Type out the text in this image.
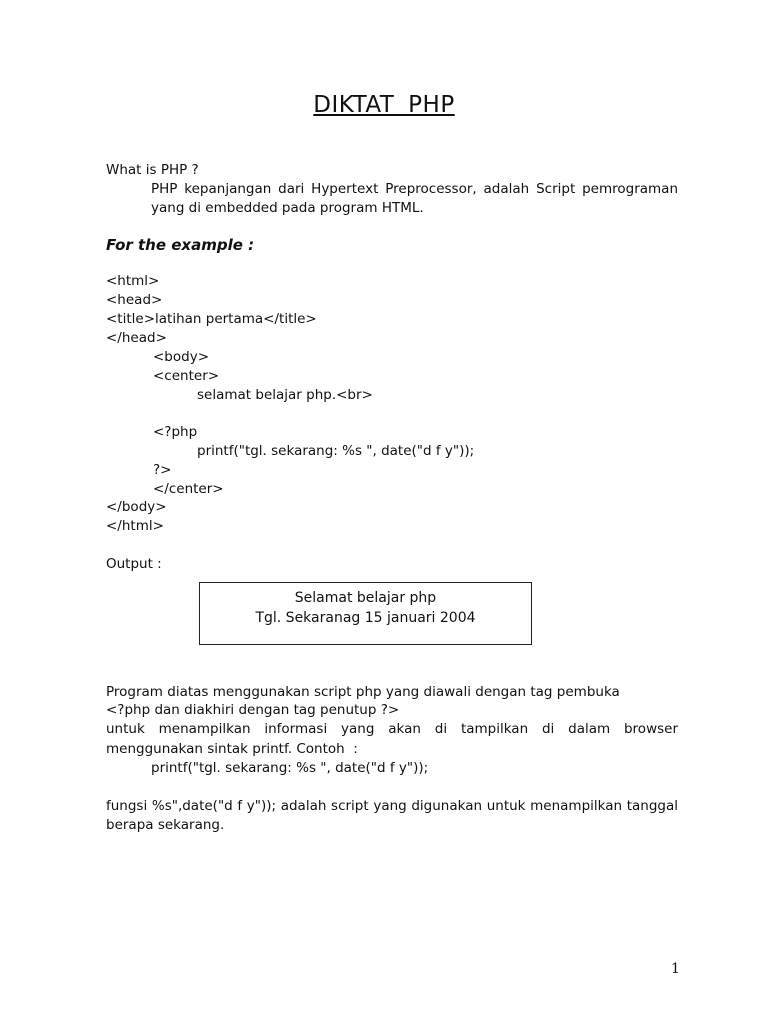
DIKTAT PHP
What is PHP ?
PHP kepanjangan dari Hypertext Preprocessor, adalah Script pemrograman
yang di embedded pada program HTML.
For the example :
<html>
<head>
<title>latihan pertama</title>
</head>
<body>
<center>
selamat belajar php.<br>
<?php
printf("tgl. sekarang: %s ", date("d f y"));
?>
</center>
</body>
</html>
Output :
Selamat belajar php
Tgl. Sekaranag 15 januari 2004
Program diatas menggunakan script php yang diawali dengan tag pembuka
<?php dan diakhiri dengan tag penutup ?>
untuk menampilkan informasi yang akan di tampilkan di dalam browser
menggunakan sintak printf. Contoh  :
printf("tgl. sekarang: %s ", date("d f y"));
fungsi %s",date("d f y")); adalah script yang digunakan untuk menampilkan tanggal
berapa sekarang.
1
